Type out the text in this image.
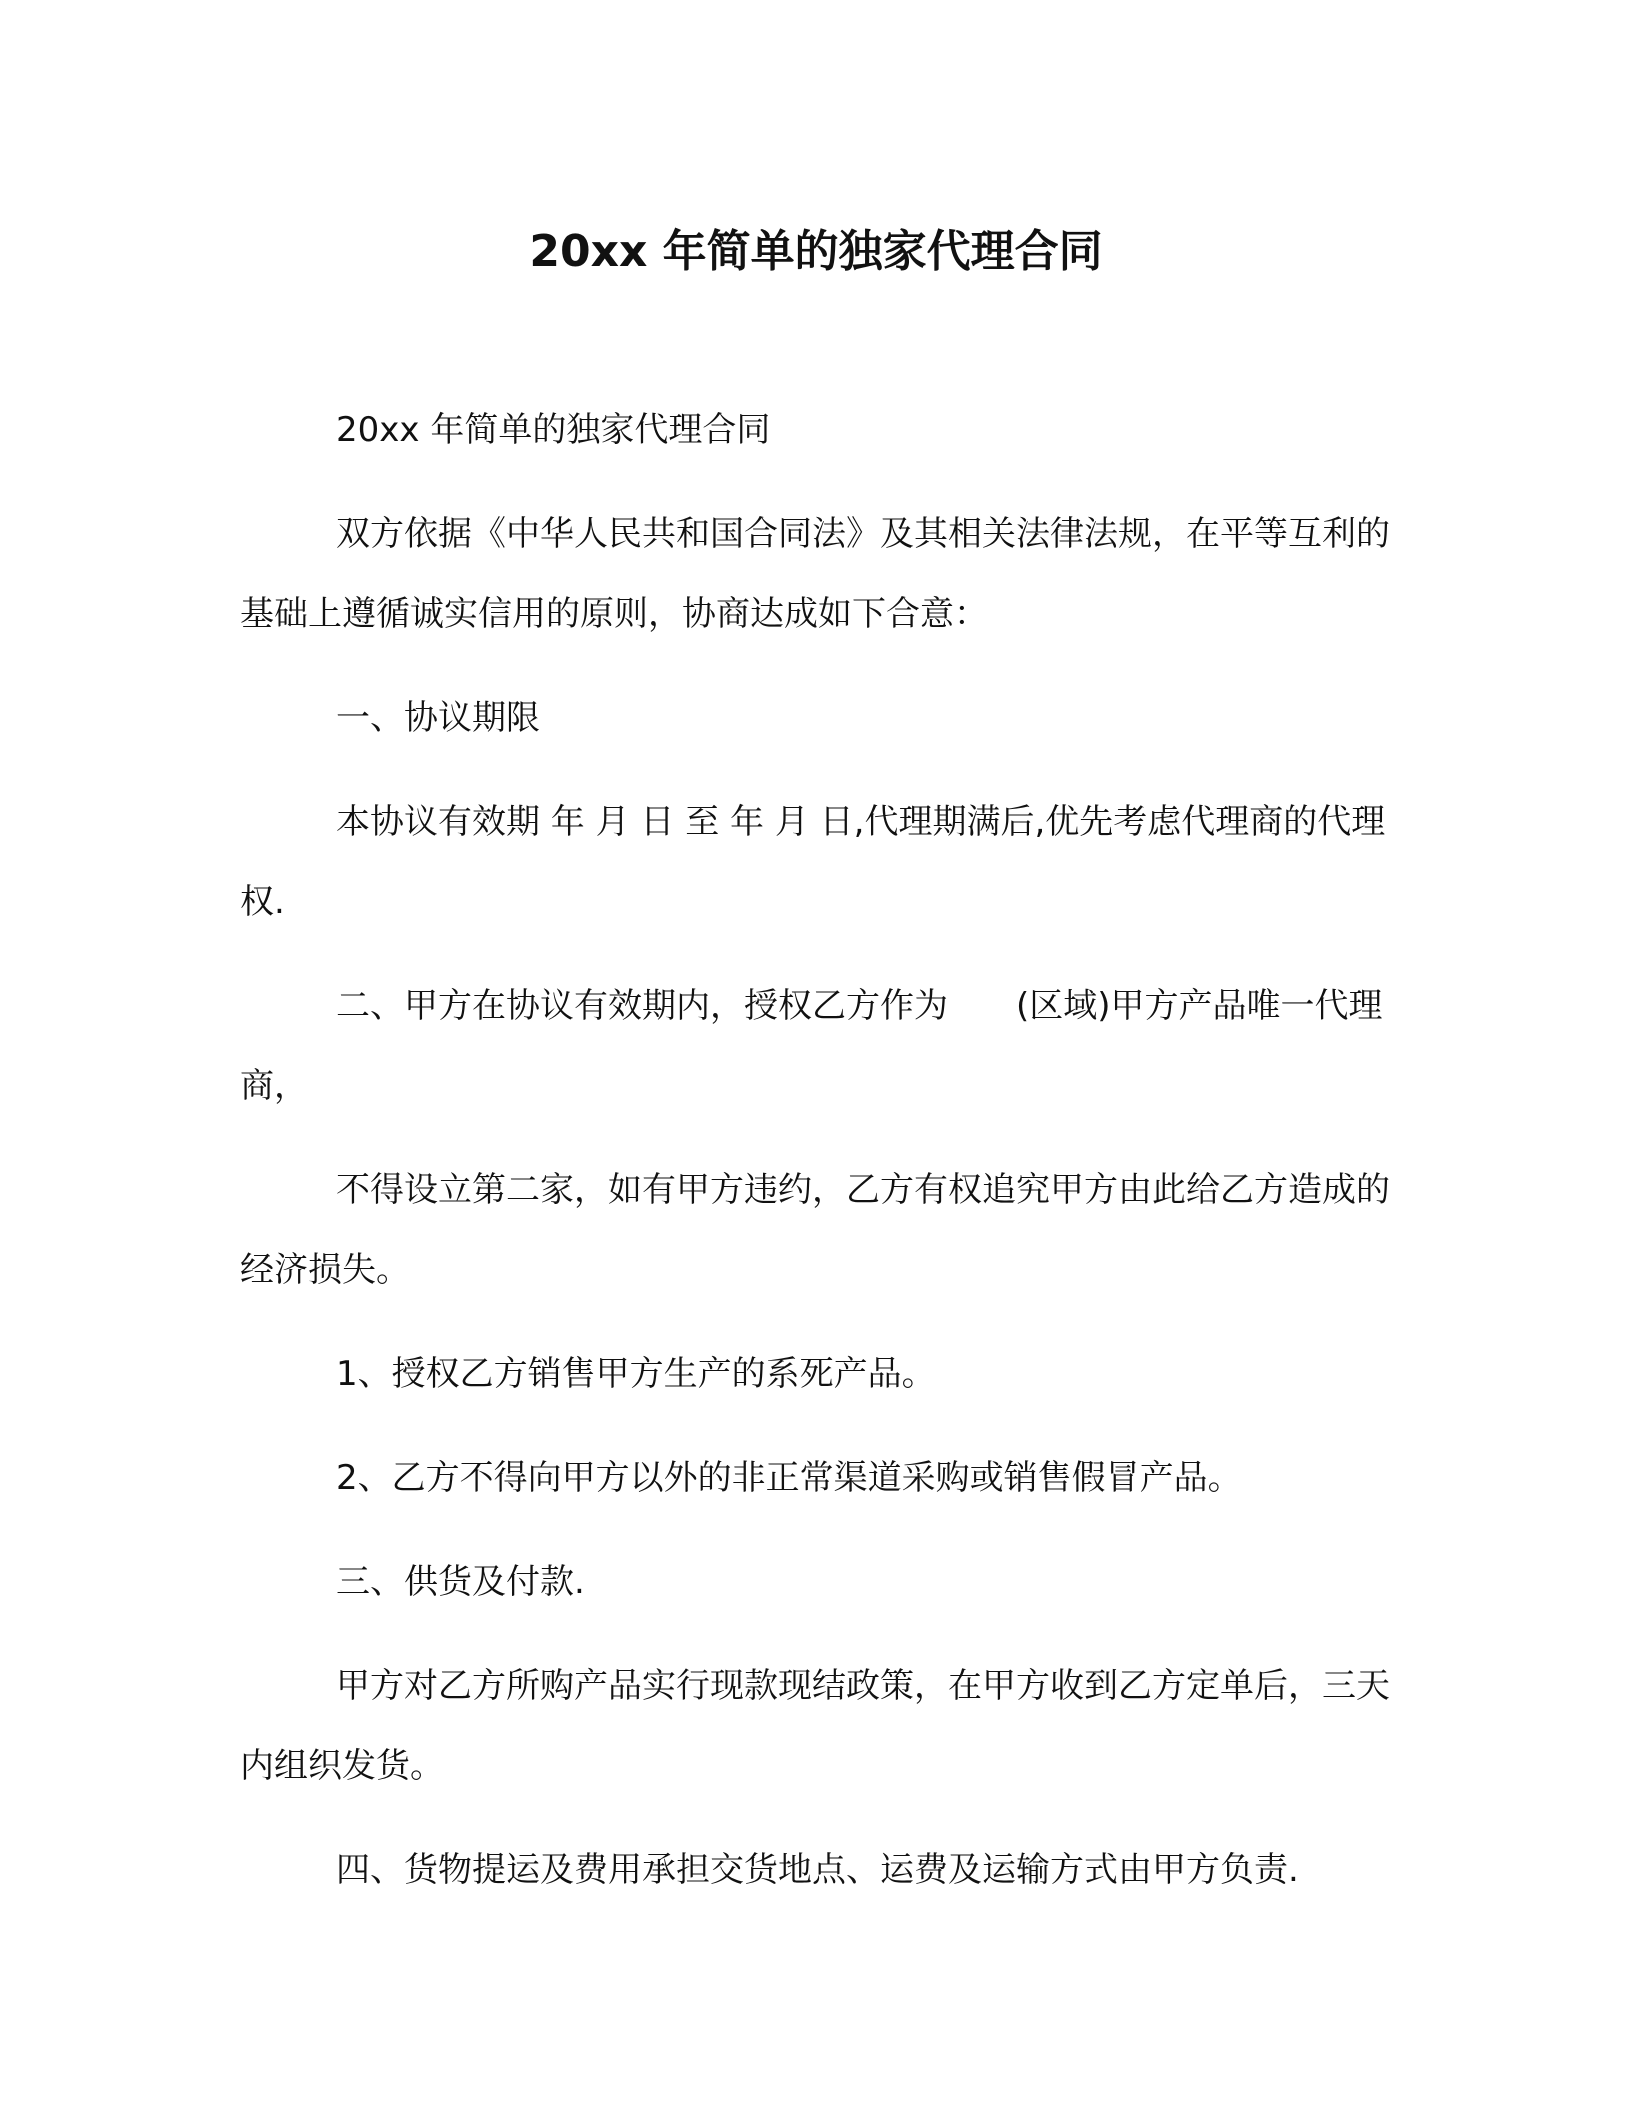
20xx 年简单的独家代理合同

20xx 年简单的独家代理合同

双方依据《中华人民共和国合同法》及其相关法律法规，在平等互利的基础上遵循诚实信用的原则，协商达成如下合意：

一、协议期限

本协议有效期 年 月 日 至 年 月 日,代理期满后,优先考虑代理商的代理权.

二、甲方在协议有效期内，授权乙方作为　　(区域)甲方产品唯一代理商，

不得设立第二家，如有甲方违约，乙方有权追究甲方由此给乙方造成的经济损失。

1、授权乙方销售甲方生产的系死产品。

2、乙方不得向甲方以外的非正常渠道采购或销售假冒产品。

三、供货及付款.

甲方对乙方所购产品实行现款现结政策，在甲方收到乙方定单后，三天内组织发货。

四、货物提运及费用承担交货地点、运费及运输方式由甲方负责.
